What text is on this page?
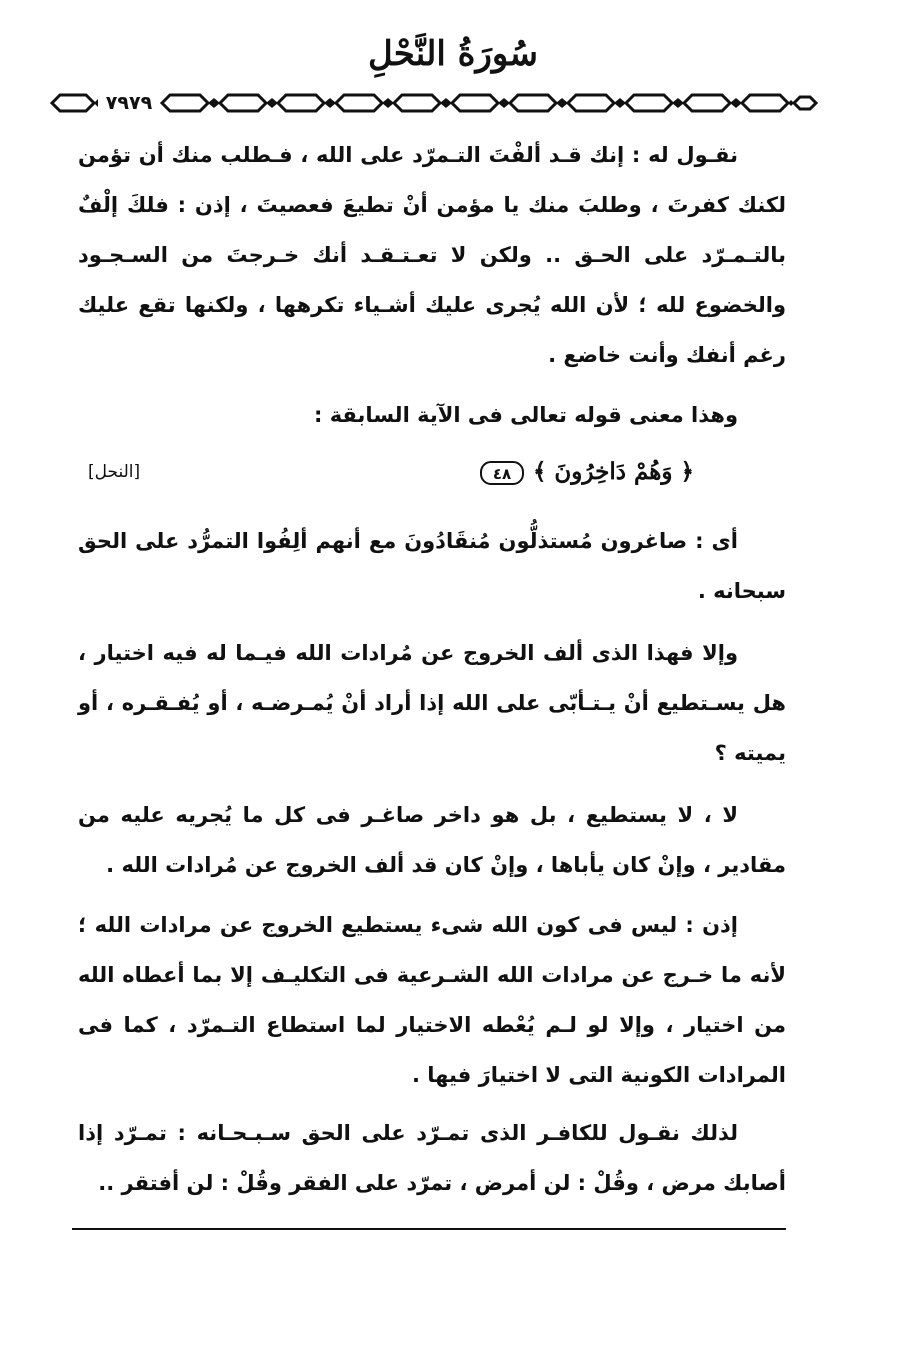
سُورَةُ النَّحْلِ
٧٩٧٩

نقـول له : إنك قـد ألفْتَ التـمرّد على الله ، فـطلب منك أن تؤمن لكنك كفرتَ ، وطلبَ منك يا مؤمن أنْ تطيعَ فعصيتَ ، إذن : فلكَ إلْفٌ بالتـمـرّد على الحـق .. ولكن لا تعـتـقـد أنك خـرجتَ من السـجـود والخضوع لله ؛ لأن الله يُجرى عليك أشـياء تكرهها ، ولكنها تقع عليك رغم أنفك وأنت خاضع .

وهذا معنى قوله تعالى فى الآية السابقة :

﴿ وَهُمْ دَاخِرُونَ ﴾
٤٨
[النحل]

أى : صاغرون مُستذلُّون مُنقَادُونَ مع أنهم ألِفُوا التمرُّد على الحق سبحانه .

وإلا فهذا الذى ألف الخروج عن مُرادات الله فيـما له فيه اختيار ، هل يسـتطيع أنْ يـتـأبّى على الله إذا أراد أنْ يُمـرضـه ، أو يُفـقـره ، أو يميته ؟

لا ، لا يستطيع ، بل هو داخر صاغـر فى كل ما يُجريه عليه من مقادير ، وإنْ كان يأباها ، وإنْ كان قد ألف الخروج عن مُرادات الله .

إذن : ليس فى كون الله شىء يستطيع الخروج عن مرادات الله ؛ لأنه ما خـرج عن مرادات الله الشـرعية فى التكليـف إلا بما أعطاه الله من اختيار ، وإلا لو لـم يُعْطه الاختيار لما استطاع التـمرّد ، كما فى المرادات الكونية التى لا اختيارَ فيها .

لذلك نقـول للكافـر الذى تمـرّد على الحق سـبـحـانه : تمـرّد إذا أصابك مرض ، وقُلْ : لن أمرض ، تمرّد على الفقر وقُلْ : لن أفتقر ..
